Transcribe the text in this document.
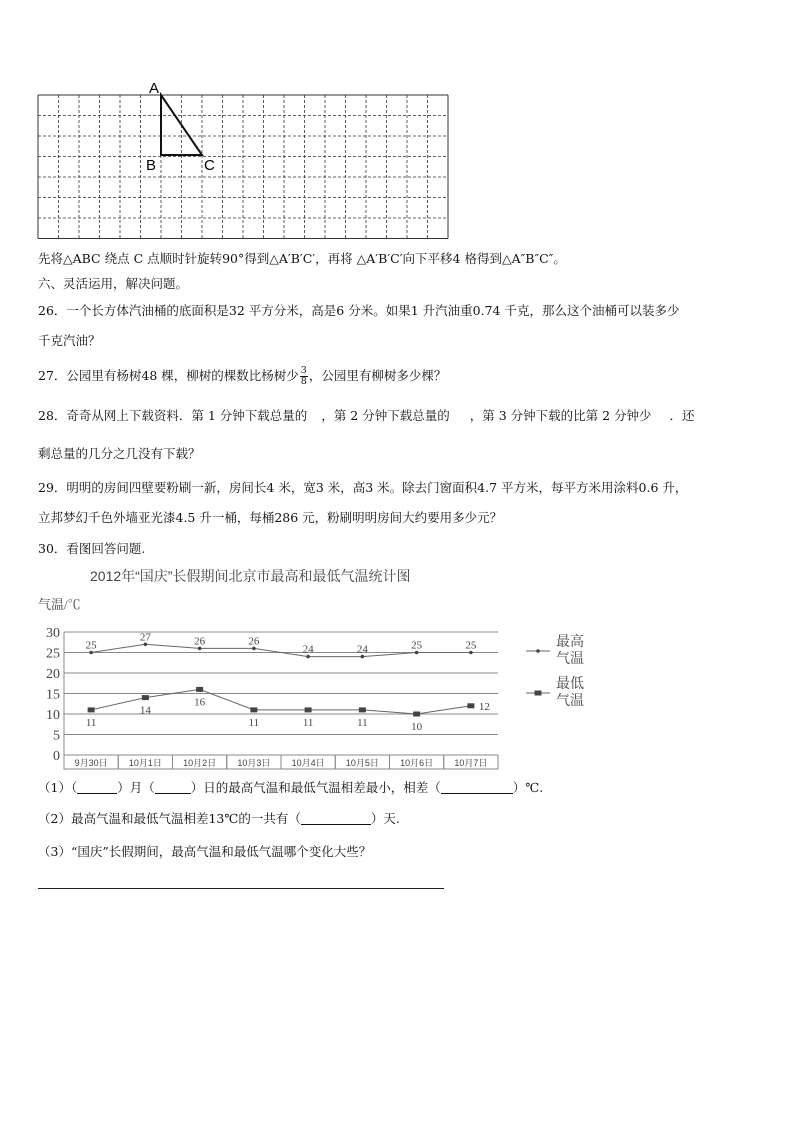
A
B	C
先将△ABC 绕点 C 点顺时针旋转90°得到△A′B′C′，再将 △A′B′C′向下平移4 格得到△A″B″C″。
六、灵活运用，解决问题。
26．一个长方体汽油桶的底面积是32 平方分米，高是6 分米。如果1 升汽油重0.74 千克，那么这个油桶可以装多少
千克汽油？
27．公园里有杨树48 棵，柳树的棵数比杨树少 $\frac{3}{8}$ ，公园里有柳树多少棵？
28．奇奇从网上下载资料．第 1 分钟下载总量的 ，第 2 分钟下载总量的 ，第 3 分钟下载的比第 2 分钟少 ．还
剩总量的几分之几没有下载？
29．明明的房间四壁要粉刷一新，房间长4 米，宽3 米，高3 米。除去门窗面积4.7 平方米，每平方米用涂料0.6 升，
立邦梦幻千色外墙亚光漆4.5 升一桶，每桶286 元，粉刷明明房间大约要用多少元？
30．看图回答问题.
2012年“国庆”长假期间北京市最高和最低气温统计图
气温/℃
0
5
10
15
20
25
30
9月30日 10月1日 10月2日 10月3日 10月4日 10月5日 10月6日 10月7日
25
27	26	26
24	24	25	25
11
14
16
11	11	11	10
12
最高
气温
最低
气温
（1）（	）月（	）日的最高气温和最低气温相差最小，相差（	）℃.
（2）最高气温和最低气温相差13℃的一共有（	）天.
（3）“国庆”长假期间，最高气温和最低气温哪个变化大些？
